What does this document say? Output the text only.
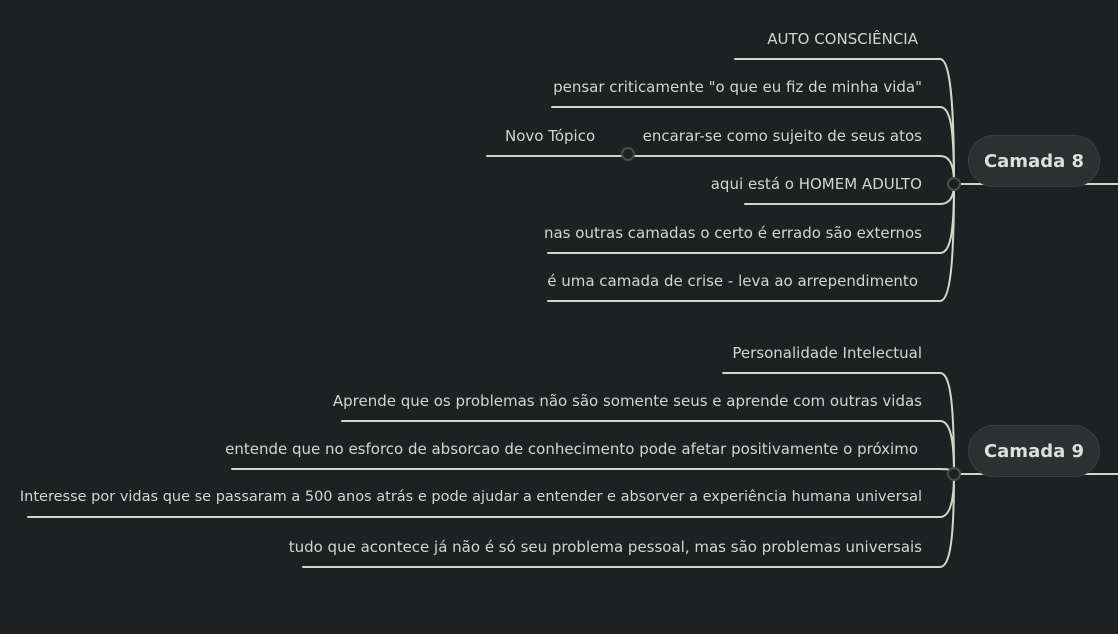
AUTO CONSCIÊNCIA
pensar criticamente "o que eu fiz de minha vida"
encarar-se como sujeito de seus atos
Novo Tópico
aqui está o HOMEM ADULTO
nas outras camadas o certo é errado são externos
é uma camada de crise - leva ao arrependimento
Camada 8
Personalidade Intelectual
Aprende que os problemas não são somente seus e aprende com outras vidas
entende que no esforco de absorcao de conhecimento pode afetar positivamente o próximo
Interesse por vidas que se passaram a 500 anos atrás e pode ajudar a entender e absorver a experiência humana universal
tudo que acontece já não é só seu problema pessoal, mas são problemas universais
Camada 9
